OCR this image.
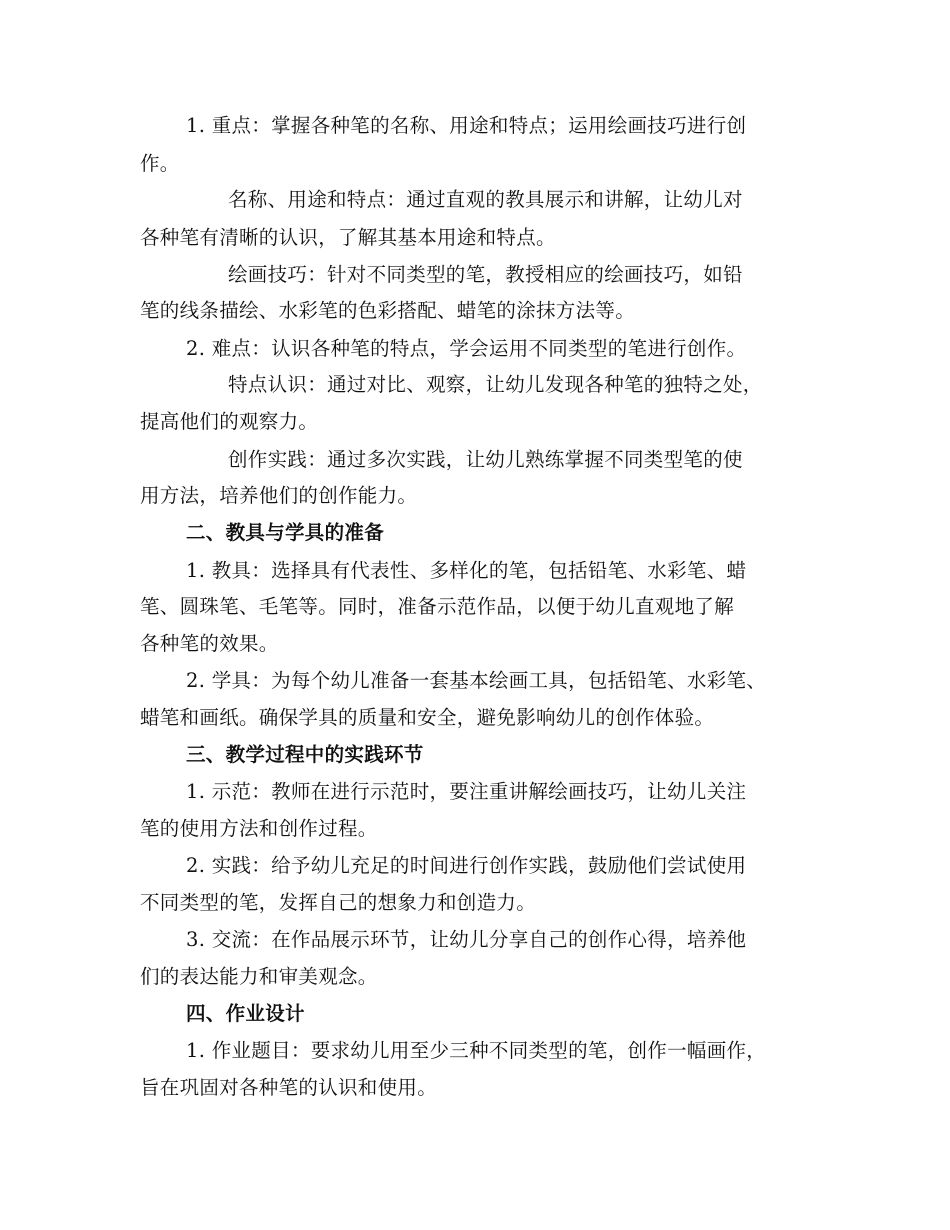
1. 重点：掌握各种笔的名称、用途和特点；运用绘画技巧进行创

作。

名称、用途和特点：通过直观的教具展示和讲解，让幼儿对

各种笔有清晰的认识，了解其基本用途和特点。

绘画技巧：针对不同类型的笔，教授相应的绘画技巧，如铅

笔的线条描绘、水彩笔的色彩搭配、蜡笔的涂抹方法等。

2. 难点：认识各种笔的特点，学会运用不同类型的笔进行创作。

特点认识：通过对比、观察，让幼儿发现各种笔的独特之处，

提高他们的观察力。

创作实践：通过多次实践，让幼儿熟练掌握不同类型笔的使

用方法，培养他们的创作能力。

二、教具与学具的准备

1. 教具：选择具有代表性、多样化的笔，包括铅笔、水彩笔、蜡

笔、圆珠笔、毛笔等。同时，准备示范作品，以便于幼儿直观地了解

各种笔的效果。

2. 学具：为每个幼儿准备一套基本绘画工具，包括铅笔、水彩笔、

蜡笔和画纸。确保学具的质量和安全，避免影响幼儿的创作体验。

三、教学过程中的实践环节

1. 示范：教师在进行示范时，要注重讲解绘画技巧，让幼儿关注

笔的使用方法和创作过程。

2. 实践：给予幼儿充足的时间进行创作实践，鼓励他们尝试使用

不同类型的笔，发挥自己的想象力和创造力。

3. 交流：在作品展示环节，让幼儿分享自己的创作心得，培养他

们的表达能力和审美观念。

四、作业设计

1. 作业题目：要求幼儿用至少三种不同类型的笔，创作一幅画作，

旨在巩固对各种笔的认识和使用。
